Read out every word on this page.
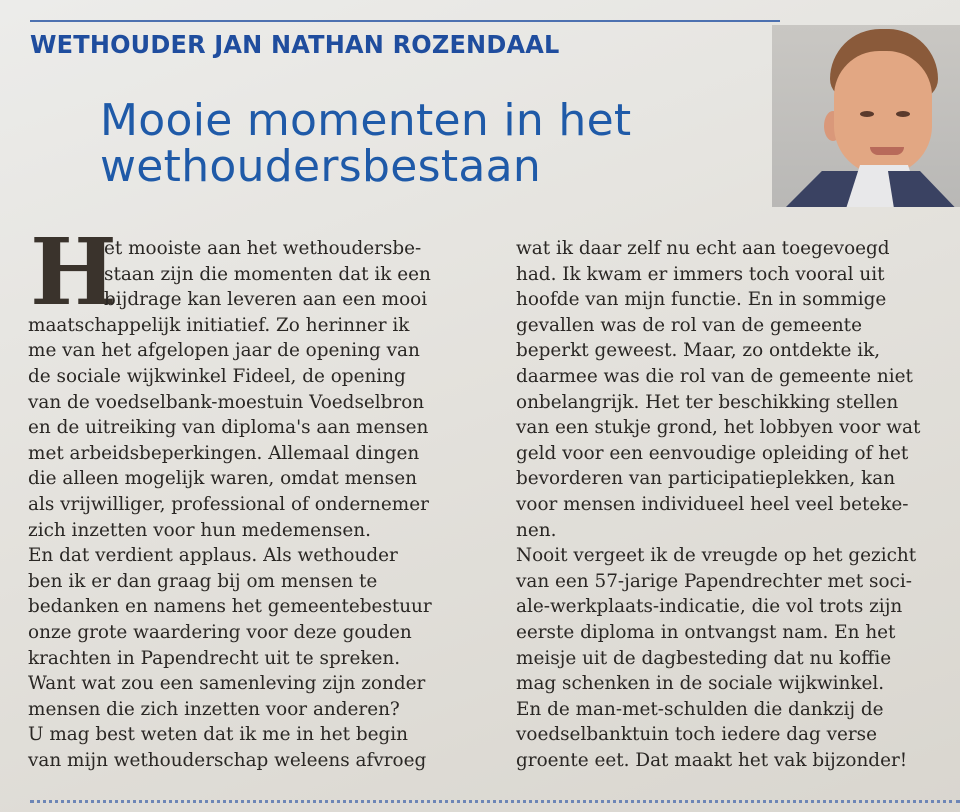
WETHOUDER JAN NATHAN ROZENDAAL
Mooie momenten in het
wethoudersbestaan
H
et mooiste aan het wethoudersbe-
staan zijn die momenten dat ik een
bijdrage kan leveren aan een mooi
maatschappelijk initiatief. Zo herinner ik
me van het afgelopen jaar de opening van
de sociale wijkwinkel Fideel, de opening
van de voedselbank-moestuin Voedselbron
en de uitreiking van diploma's aan mensen
met arbeidsbeperkingen. Allemaal dingen
die alleen mogelijk waren, omdat mensen
als vrijwilliger, professional of ondernemer
zich inzetten voor hun medemensen.
En dat verdient applaus. Als wethouder
ben ik er dan graag bij om mensen te
bedanken en namens het gemeentebestuur
onze grote waardering voor deze gouden
krachten in Papendrecht uit te spreken.
Want wat zou een samenleving zijn zonder
mensen die zich inzetten voor anderen?
U mag best weten dat ik me in het begin
van mijn wethouderschap weleens afvroeg
wat ik daar zelf nu echt aan toegevoegd
had. Ik kwam er immers toch vooral uit
hoofde van mijn functie. En in sommige
gevallen was de rol van de gemeente
beperkt geweest. Maar, zo ontdekte ik,
daarmee was die rol van de gemeente niet
onbelangrijk. Het ter beschikking stellen
van een stukje grond, het lobbyen voor wat
geld voor een eenvoudige opleiding of het
bevorderen van participatieplekken, kan
voor mensen individueel heel veel beteke-
nen.
Nooit vergeet ik de vreugde op het gezicht
van een 57-jarige Papendrechter met soci-
ale-werkplaats-indicatie, die vol trots zijn
eerste diploma in ontvangst nam. En het
meisje uit de dagbesteding dat nu koffie
mag schenken in de sociale wijkwinkel.
En de man-met-schulden die dankzij de
voedselbanktuin toch iedere dag verse
groente eet. Dat maakt het vak bijzonder!
